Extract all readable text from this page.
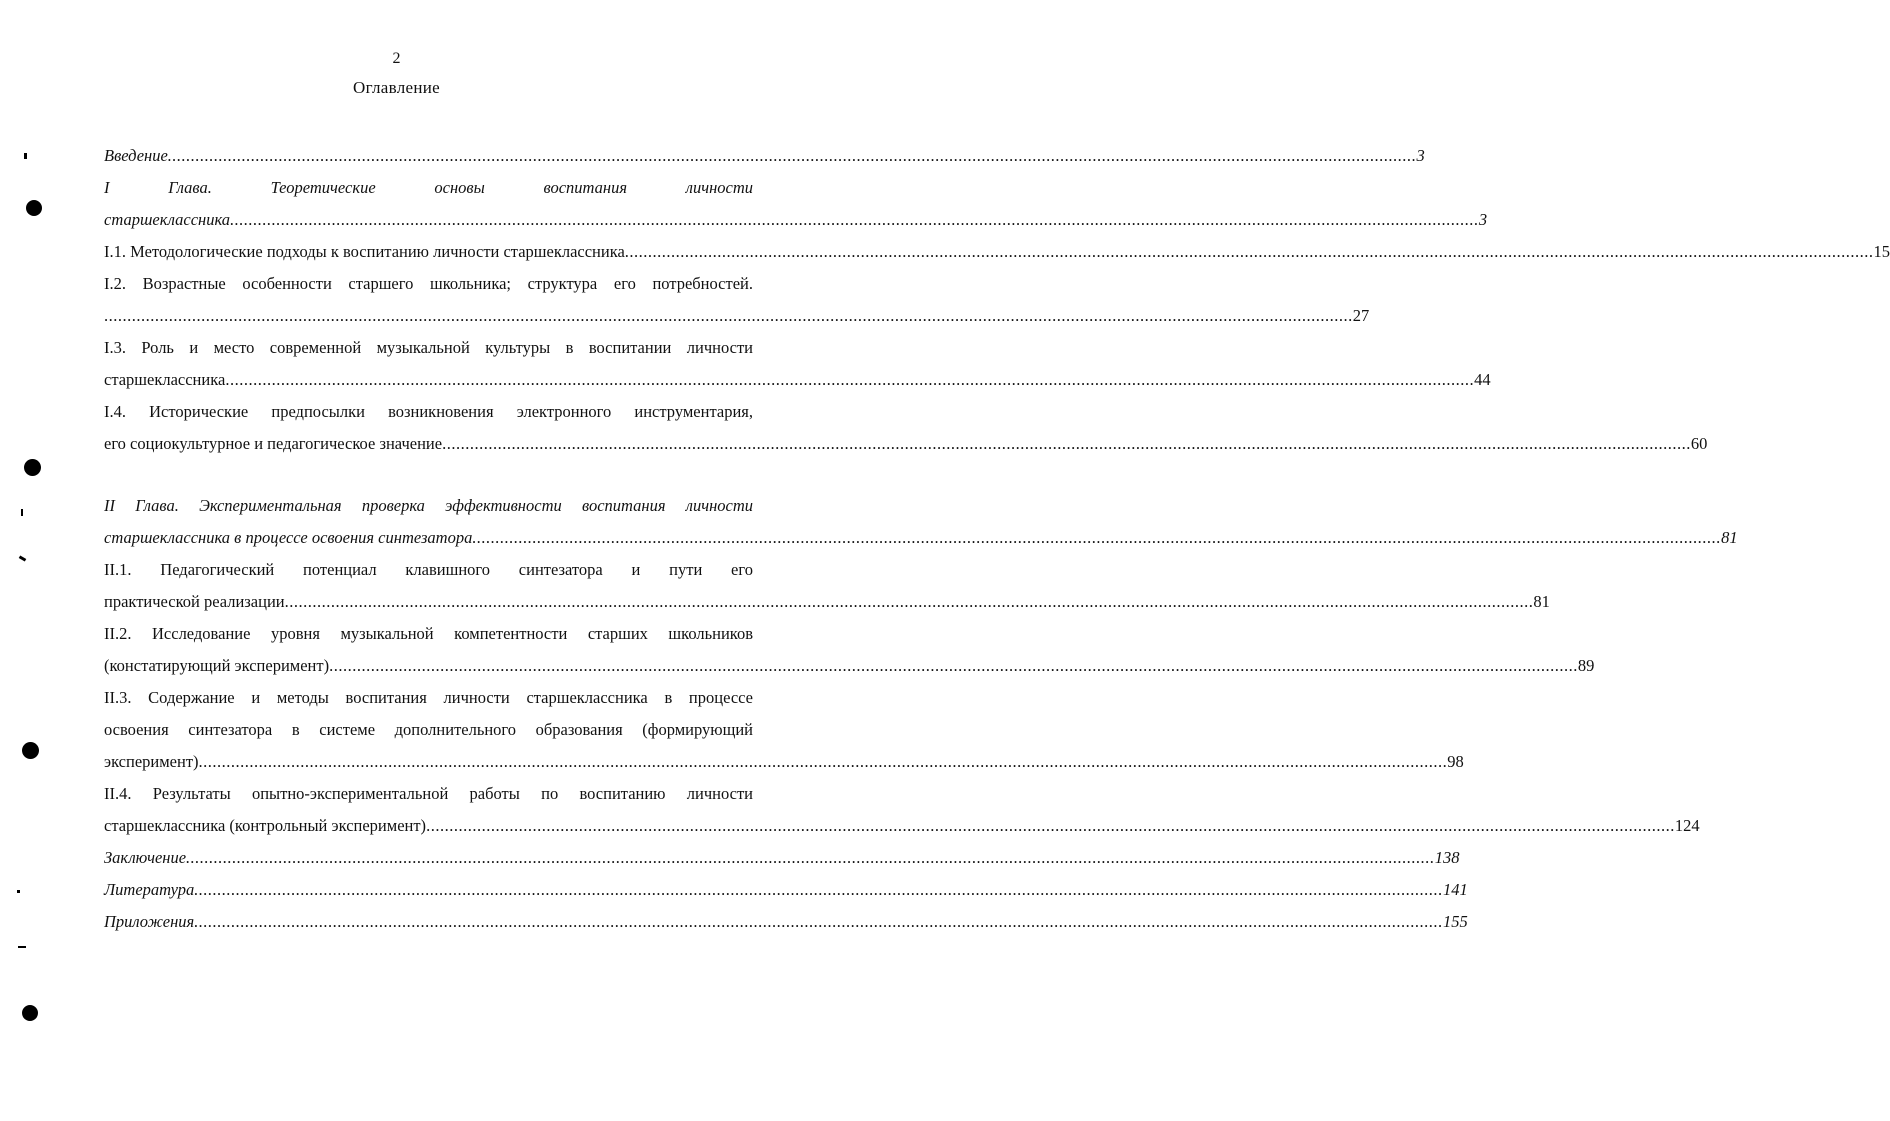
2
Оглавление
Введение .............................................................................................................................................................................................................................................................................. 3
I Глава. Теоретические основы воспитания личности
старшеклассника .............................................................................................................................................................................................................................................................................. 3
I.1. Методологические подходы к воспитанию личности старшеклассника .............................................................................................................................................................................................................................................................................. 15
I.2. Возрастные особенности старшего школьника; структура его потребностей.
.............................................................................................................................................................................................................................................................................. 27
I.3. Роль и место современной музыкальной культуры в воспитании личности
старшеклассника .............................................................................................................................................................................................................................................................................. 44
I.4. Исторические предпосылки возникновения электронного инструментария,
его социокультурное и педагогическое значение .............................................................................................................................................................................................................................................................................. 60
II Глава. Экспериментальная проверка эффективности воспитания личности
старшеклассника в процессе освоения синтезатора .............................................................................................................................................................................................................................................................................. 81
II.1. Педагогический потенциал клавишного синтезатора и пути его
практической реализации .............................................................................................................................................................................................................................................................................. 81
II.2. Исследование уровня музыкальной компетентности старших школьников
(констатирующий эксперимент) .............................................................................................................................................................................................................................................................................. 89
II.3. Содержание и методы воспитания личности старшеклассника в процессе
освоения синтезатора в системе дополнительного образования (формирующий
эксперимент) .............................................................................................................................................................................................................................................................................. 98
II.4. Результаты опытно-экспериментальной работы по воспитанию личности
старшеклассника (контрольный эксперимент) .............................................................................................................................................................................................................................................................................. 124
Заключение .............................................................................................................................................................................................................................................................................. 138
Литература .............................................................................................................................................................................................................................................................................. 141
Приложения .............................................................................................................................................................................................................................................................................. 155
